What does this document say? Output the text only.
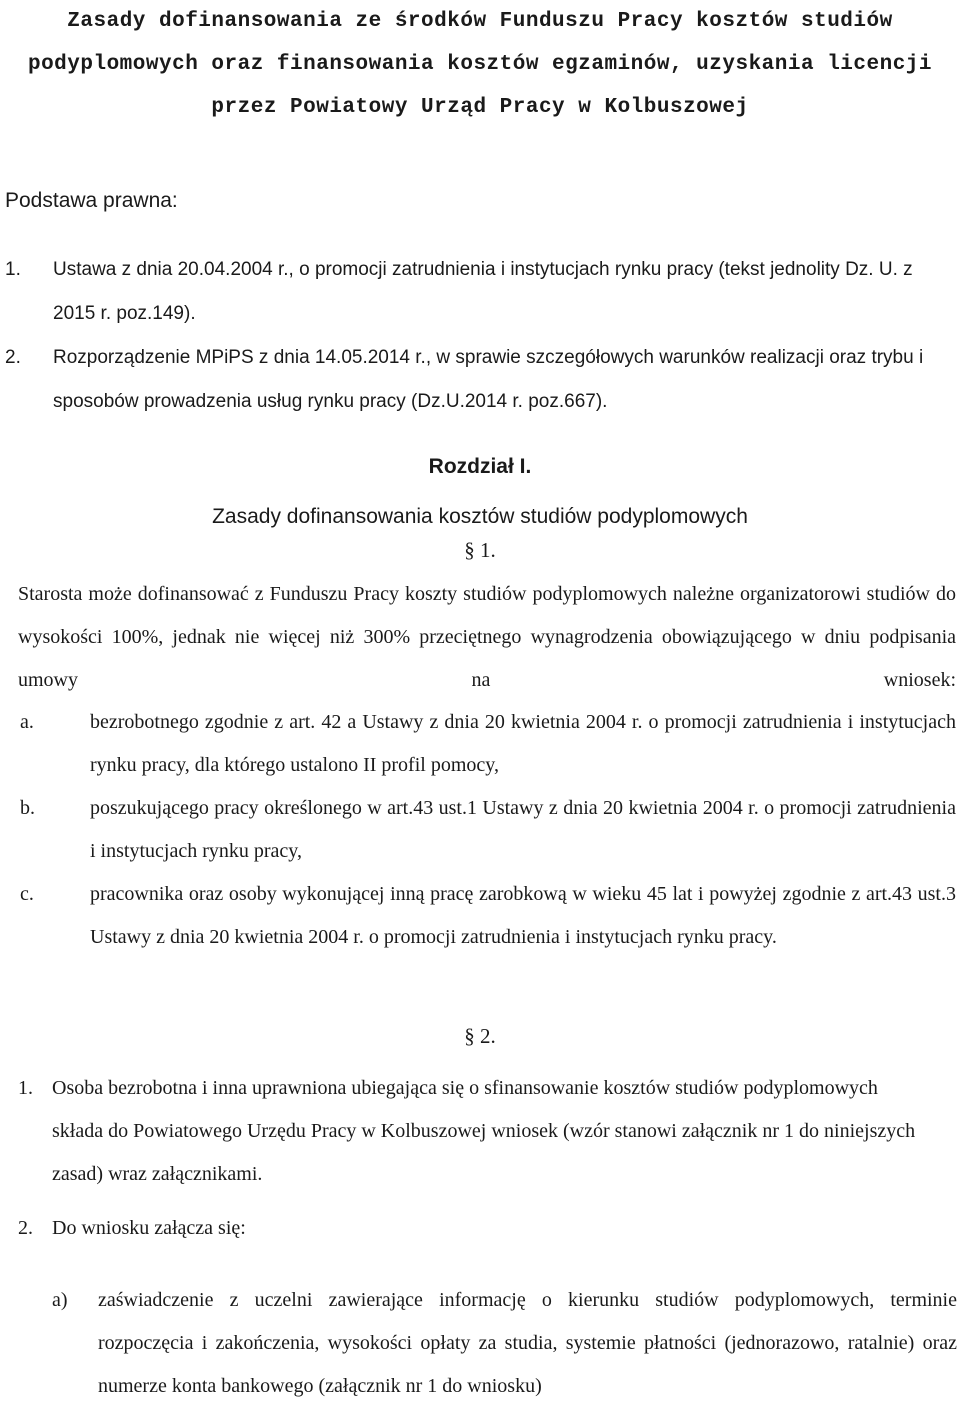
Zasady dofinansowania ze środków Funduszu Pracy kosztów studiów
podyplomowych oraz finansowania kosztów egzaminów, uzyskania licencji
przez Powiatowy Urząd Pracy w Kolbuszowej
Podstawa prawna:
1. Ustawa z dnia 20.04.2004 r., o promocji zatrudnienia i instytucjach rynku pracy (tekst jednolity Dz. U. z 2015 r. poz.149).
2. Rozporządzenie MPiPS z dnia 14.05.2014 r., w sprawie szczegółowych warunków realizacji oraz trybu i sposobów prowadzenia usług rynku pracy (Dz.U.2014 r. poz.667).
Rozdział I.
Zasady dofinansowania kosztów studiów podyplomowych
§ 1.
Starosta może dofinansować z Funduszu Pracy koszty studiów podyplomowych należne organizatorowi studiów do wysokości 100%, jednak nie więcej niż 300% przeciętnego wynagrodzenia obowiązującego w dniu podpisania umowy na wniosek:
a.	bezrobotnego zgodnie z art. 42 a Ustawy z dnia 20 kwietnia 2004 r. o promocji zatrudnienia i instytucjach rynku pracy, dla którego ustalono II profil pomocy,
b.	poszukującego pracy określonego w art.43 ust.1 Ustawy z dnia 20 kwietnia 2004 r. o promocji zatrudnienia i instytucjach rynku pracy,
c.	pracownika oraz osoby wykonującej inną pracę zarobkową w wieku 45 lat i powyżej zgodnie z art.43 ust.3 Ustawy z dnia 20 kwietnia 2004 r. o promocji zatrudnienia i instytucjach rynku pracy.
§ 2.
1. Osoba bezrobotna i inna uprawniona ubiegająca się o sfinansowanie kosztów studiów podyplomowych składa do Powiatowego Urzędu Pracy w Kolbuszowej wniosek (wzór stanowi załącznik nr 1 do niniejszych zasad) wraz załącznikami.
2. Do wniosku załącza się:
a) zaświadczenie z uczelni zawierające informację o kierunku studiów podyplomowych, terminie rozpoczęcia i zakończenia, wysokości opłaty za studia, systemie płatności (jednorazowo, ratalnie) oraz numerze konta bankowego (załącznik nr 1 do wniosku)
